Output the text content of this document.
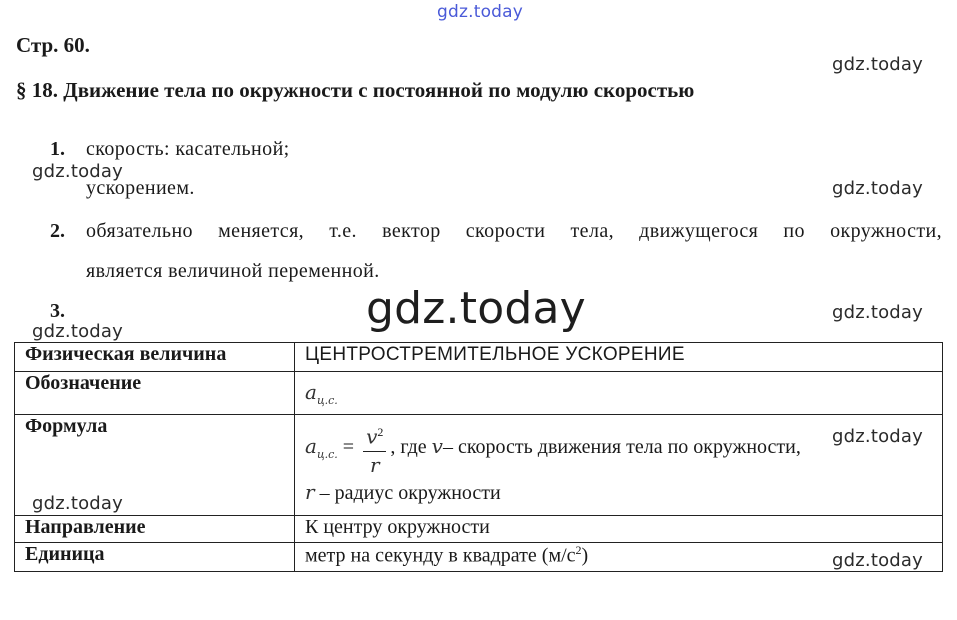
gdz.today
gdz.today
gdz.today
gdz.today
gdz.today
gdz.today	gdz.today
Стр. 60.
§ 18. Движение тела по окружности с постоянной по модулю скоростью
1. скорость: касательной;
ускорением.
2. обязательно меняется, т.е. вектор скорости тела, движущегося по окружности,
является величиной переменной.
3.
Физическая величина	ЦЕНТРОСТРЕМИТЕЛЬНОЕ УСКОРЕНИЕ
Обозначение	$a_{ц.с.}$

Формула	$a_{ц.с.} = \frac{v^2}{r}$ , где v– скорость движения тела по окружности,
r – радиус окружности

Направление	К центру окружности
Единица	метр на секунду в квадрате $(м/с^2)$
gdz.today
gdz.today
gdz.today
